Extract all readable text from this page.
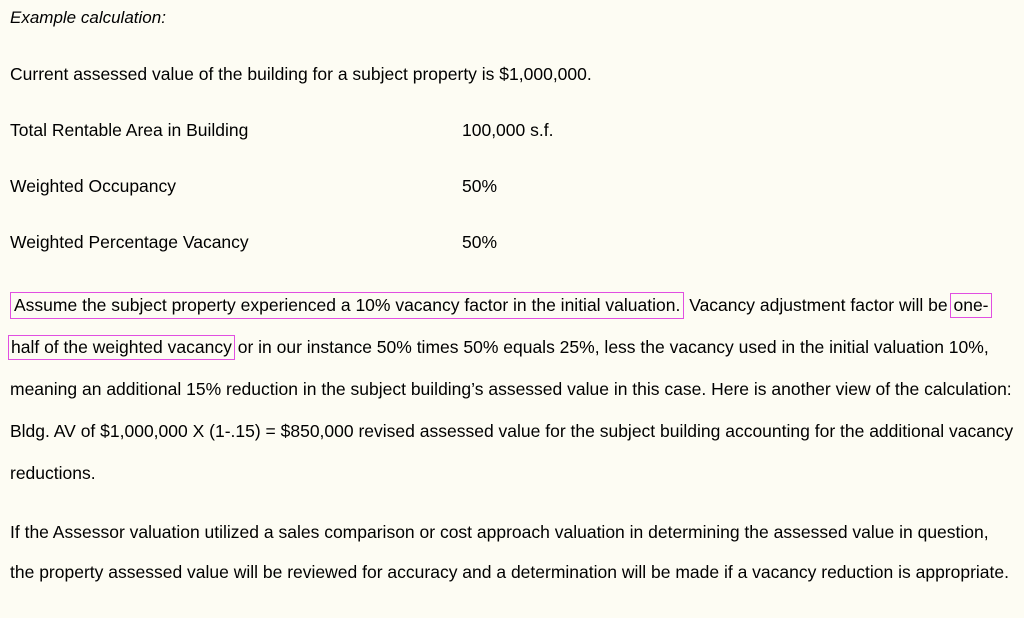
Example calculation:
Current assessed value of the building for a subject property is $1,000,000.
Total Rentable Area in Building	100,000 s.f.
Weighted Occupancy	50%
Weighted Percentage Vacancy	50%

Assume the subject property experienced a 10% vacancy factor in the initial valuation. Vacancy adjustment factor will be one-half of the weighted vacancy or in our instance 50% times 50% equals 25%, less the vacancy used in the initial valuation 10%, meaning an additional 15% reduction in the subject building’s assessed value in this case. Here is another view of the calculation: Bldg. AV of $1,000,000 X (1-.15) = $850,000 revised assessed value for the subject building accounting for the additional vacancy reductions.

If the Assessor valuation utilized a sales comparison or cost approach valuation in determining the assessed value in question, the property assessed value will be reviewed for accuracy and a determination will be made if a vacancy reduction is appropriate.
